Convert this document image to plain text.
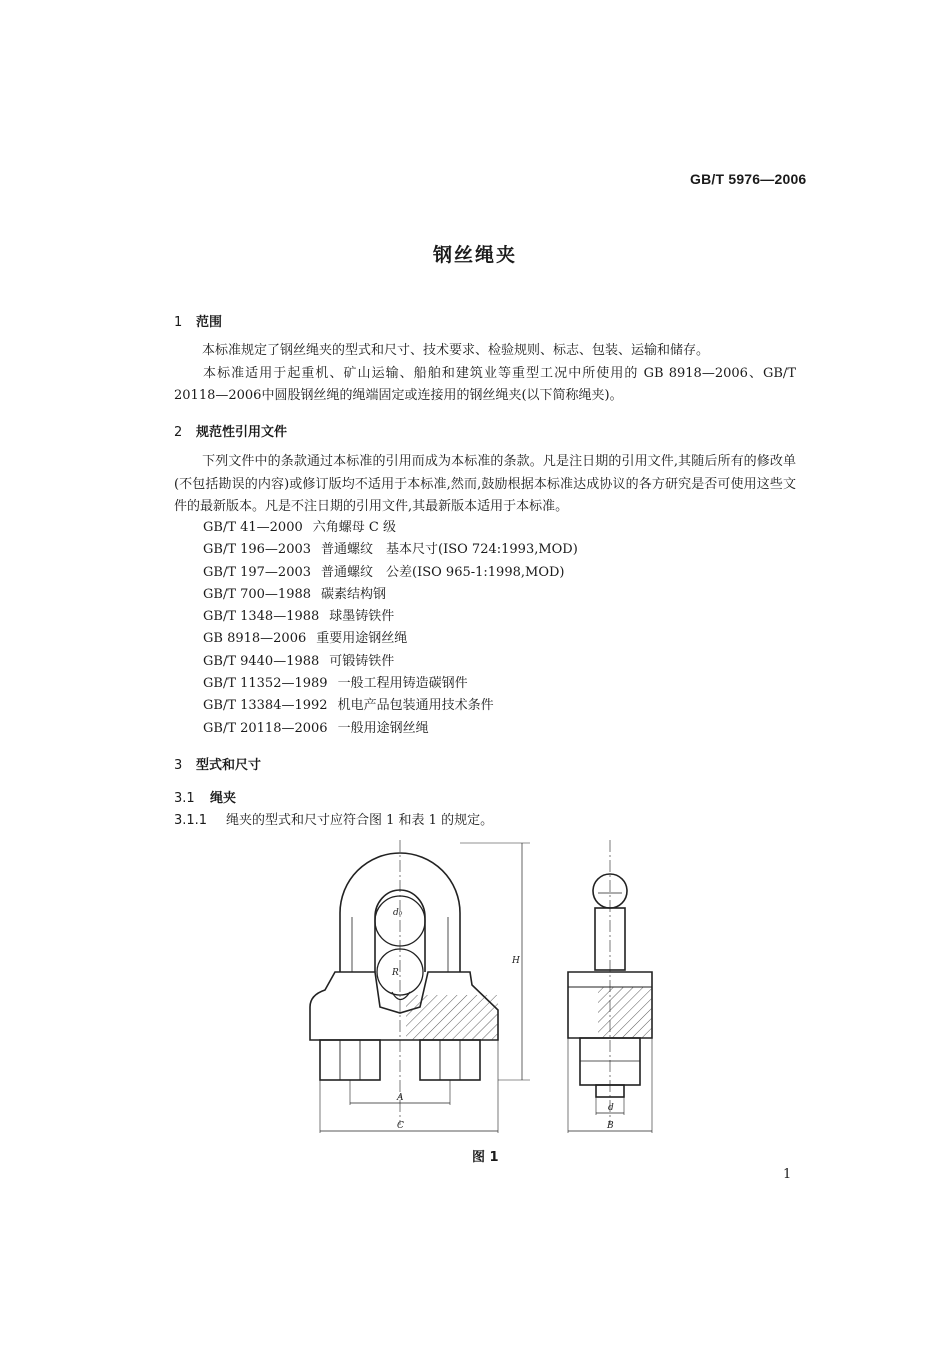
GB/T 5976—2006
钢丝绳夹
1 范围
本标准规定了钢丝绳夹的型式和尺寸、技术要求、检验规则、标志、包装、运输和储存。
本标准适用于起重机、矿山运输、船舶和建筑业等重型工况中所使用的 GB 8918—2006、GB/T 20118—2006中圆股钢丝绳的绳端固定或连接用的钢丝绳夹(以下简称绳夹)。
2 规范性引用文件
下列文件中的条款通过本标准的引用而成为本标准的条款。凡是注日期的引用文件,其随后所有的修改单(不包括勘误的内容)或修订版均不适用于本标准,然而,鼓励根据本标准达成协议的各方研究是否可使用这些文件的最新版本。凡是不注日期的引用文件,其最新版本适用于本标准。
GB/T 41—2000 六角螺母 C 级
GB/T 196—2003 普通螺纹　基本尺寸(ISO 724:1993,MOD)
GB/T 197—2003 普通螺纹　公差(ISO 965-1:1998,MOD)
GB/T 700—1988 碳素结构钢
GB/T 1348—1988 球墨铸铁件
GB 8918—2006 重要用途钢丝绳
GB/T 9440—1988 可锻铸铁件
GB/T 11352—1989 一般工程用铸造碳钢件
GB/T 13384—1992 机电产品包装通用技术条件
GB/T 20118—2006 一般用途钢丝绳
3 型式和尺寸
3.1 绳夹
3.1.1 绳夹的型式和尺寸应符合图 1 和表 1 的规定。
A
C
H
d₀
R
d
B
图 1
1
